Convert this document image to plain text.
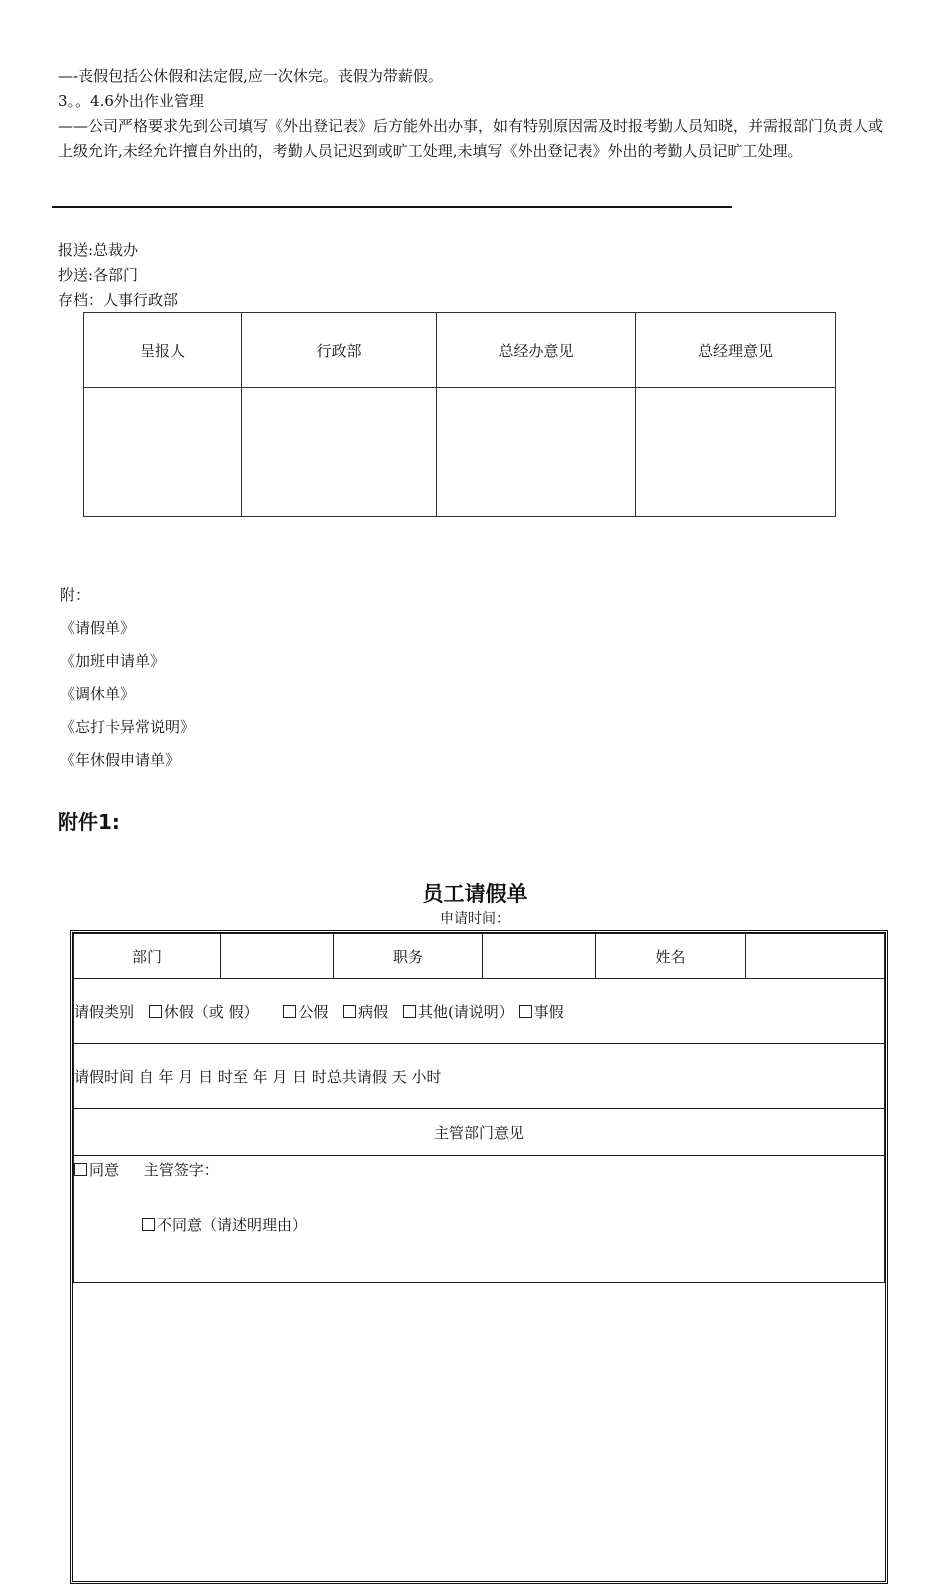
—-丧假包括公休假和法定假,应一次休完。丧假为带薪假。
3。。4.6外出作业管理
——公司严格要求先到公司填写《外出登记表》后方能外出办事，如有特别原因需及时报考勤人员知晓，并需报部门负责人或上级允许,未经允许擅自外出的，考勤人员记迟到或旷工处理,未填写《外出登记表》外出的考勤人员记旷工处理。
报送:总裁办
抄送:各部门
存档：人事行政部
呈报人	行政部	总经办意见	总经理意见

附：
《请假单》
《加班申请单》
《调休单》
《忘打卡异常说明》
《年休假申请单》
附件1:
员工请假单
申请时间：
部门		职务		姓名	
请假类别 休假（或 假）	公假 病假 其他(请说明） 事假
请假时间 自 年 月 日 时至 年 月 日 时总共请假 天 小时
主管部门意见

同意 主管签字：
不同意（请述明理由）
